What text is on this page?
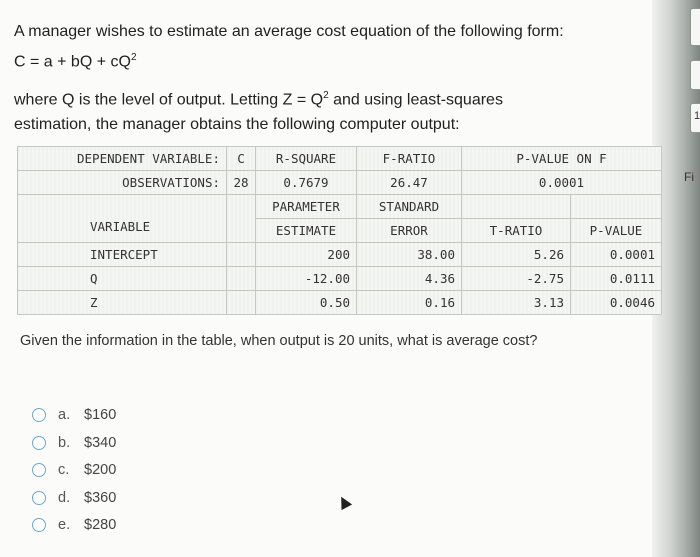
1
Fi
A manager wishes to estimate an average cost equation of the following form:
C = a + bQ + $cQ^2$
where Q is the level of output. Letting $Z = Q^2$ and using least-squares
estimation, the manager obtains the following computer output:
DEPENDENT VARIABLE:	C	R-SQUARE	F-RATIO	P-VALUE ON F	
OBSERVATIONS:	28	0.7679	26.47	0.0001	

VARIABLE		PARAMETER	STANDARD		
		ESTIMATE	ERROR	T-RATIO	P-VALUE
INTERCEPT		200	38.00	5.26	0.0001
Q		-12.00	4.36	-2.75	0.0111
Z		0.50	0.16	3.13	0.0046
Given the information in the table, when output is 20 units, what is average cost?
a. $160
b. $340
c.	$200
d. $360
e. $280
